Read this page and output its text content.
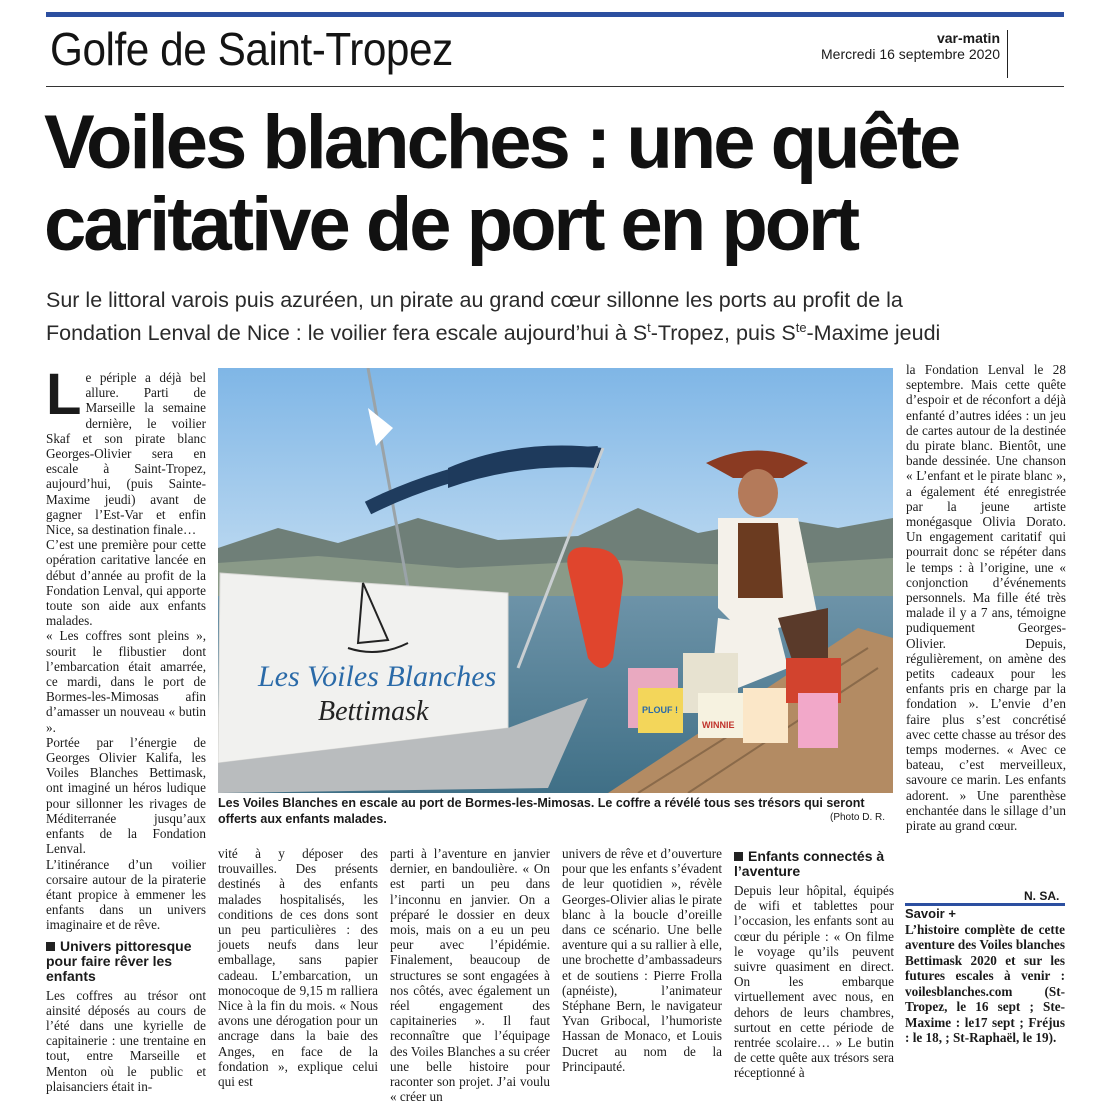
Golfe de Saint-Tropez	var-matin
Mercredi 16 septembre 2020
Voiles blanches : une quête
caritative de port en port
Sur le littoral varois puis azuréen, un pirate au grand cœur sillonne les ports au profit de la
Fondation Lenval de Nice : le voilier fera escale aujourd’hui à $S^t$-Tropez, puis $S^{te}$-Maxime jeudi

Le périple a déjà bel allure. Parti de Marseille la semaine dernière, le voilier Skaf et son pirate blanc Georges-Olivier sera en escale à Saint-Tropez, aujourd’hui, (puis Sainte-Maxime jeudi) avant de gagner l’Est-Var et enfin Nice, sa destination finale…

C’est une première pour cette opération caritative lancée en début d’année au profit de la Fondation Lenval, qui apporte toute son aide aux enfants malades.

« Les coffres sont pleins », sourit le flibustier dont l’embarcation était amarrée, ce mardi, dans le port de Bormes-les-Mimosas afin d’amasser un nouveau « butin ».

Portée par l’énergie de Georges Olivier Kalifa, les Voiles Blanches Bettimask, ont imaginé un héros ludique pour sillonner les rivages de Méditerranée jusqu’aux enfants de la Fondation Lenval.

L’itinérance d’un voilier corsaire autour de la piraterie étant propice à emmener les enfants dans un univers imaginaire et de rêve.

Univers pittoresque pour faire rêver les enfants

Les coffres au trésor ont ainsité déposés au cours de l’été dans une kyrielle de capitainerie : une trentaine en tout, entre Marseille et Menton où le public et plaisanciers était in-

Les Voiles Blanches
Bettimask	PLOUF !
WINNIE
Les Voiles Blanches en escale au port de Bormes-les-Mimosas. Le coffre a révélé tous ses trésors qui seront offerts aux enfants malades.	(Photo D. R.

vité à y déposer des trouvailles. Des présents destinés à des enfants malades hospitalisés, les conditions de ces dons sont un peu particulières : des jouets neufs dans leur emballage, sans papier cadeau. L’embarcation, un monocoque de 9,15 m ralliera Nice à la fin du mois. « Nous avons une dérogation pour un ancrage dans la baie des Anges, en face de la fondation », explique celui qui est

parti à l’aventure en janvier dernier, en bandoulière. « On est parti un peu dans l’inconnu en janvier. On a préparé le dossier en deux mois, mais on a eu un peu peur avec l’épidémie. Finalement, beaucoup de structures se sont engagées à nos côtés, avec également un réel engagement des capitaineries ». Il faut reconnaître que l’équipage des Voiles Blanches a su créer une belle histoire pour raconter son projet. J’ai voulu « créer un

univers de rêve et d’ouverture pour que les enfants s’évadent de leur quotidien », révèle Georges-Olivier alias le pirate blanc à la boucle d’oreille dans ce scénario. Une belle aventure qui a su rallier à elle, une brochette d’ambassadeurs et de soutiens : Pierre Frolla (apnéiste), l’animateur Stéphane Bern, le navigateur Yvan Gribocal, l’humoriste Hassan de Monaco, et Louis Ducret au nom de la Principauté.

Enfants connectés à l’aventure

Depuis leur hôpital, équipés de wifi et tablettes pour l’occasion, les enfants sont au cœur du périple : « On filme le voyage qu’ils peuvent suivre quasiment en direct. On les embarque virtuellement avec nous, en dehors de leurs chambres, surtout en cette période de rentrée scolaire… » Le butin de cette quête aux trésors sera réceptionné à

la Fondation Lenval le 28 septembre. Mais cette quête d’espoir et de réconfort a déjà enfanté d’autres idées : un jeu de cartes autour de la destinée du pirate blanc. Bientôt, une bande dessinée. Une chanson « L’enfant et le pirate blanc », a également été enregistrée par la jeune artiste monégasque Olivia Dorato. Un engagement caritatif qui pourrait donc se répéter dans le temps : à l’origine, une « conjonction d’événements personnels. Ma fille été très malade il y a 7 ans, témoigne pudiquement Georges-Olivier. Depuis, régulièrement, on amène des petits cadeaux pour les enfants pris en charge par la fondation ». L’envie d’en faire plus s’est concrétisé avec cette chasse au trésor des temps modernes. « Avec ce bateau, c’est merveilleux, savoure ce marin. Les enfants adorent. » Une parenthèse enchantée dans le sillage d’un pirate au grand cœur.

N. SA.
Savoir +
L’histoire complète de cette aventure des Voiles blanches Bettimask 2020 et sur les futures escales à venir : voilesblanches.com (St-Tropez, le 16 sept ; Ste-Maxime : le17 sept ; Fréjus : le 18, ; St-Raphaël, le 19).
